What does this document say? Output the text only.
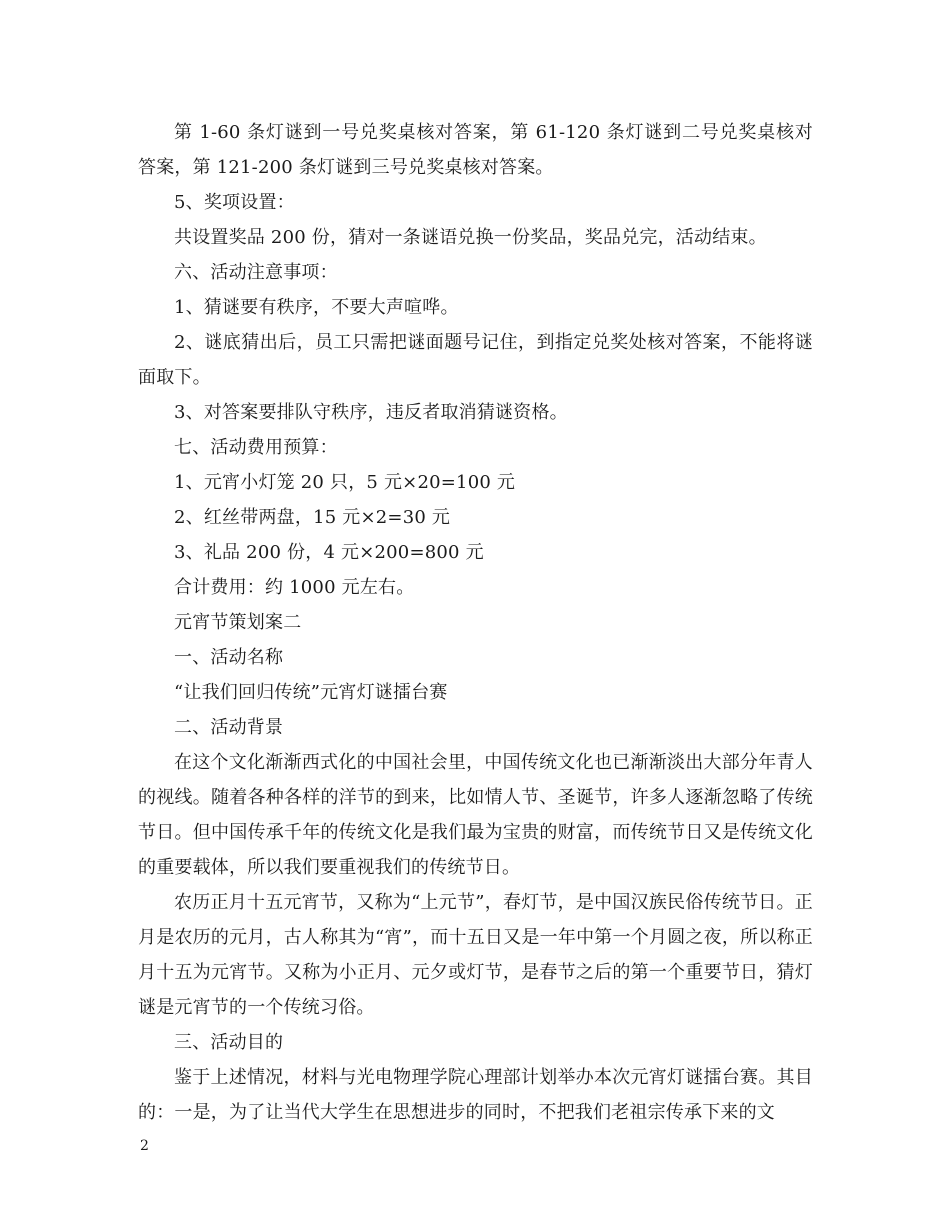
第 1-60 条灯谜到一号兑奖桌核对答案，第 61-120 条灯谜到二号兑奖桌核对答案，第 121-200 条灯谜到三号兑奖桌核对答案。

5、奖项设置：

共设置奖品 200 份，猜对一条谜语兑换一份奖品，奖品兑完，活动结束。

六、活动注意事项：

1、猜谜要有秩序，不要大声喧哗。

2、谜底猜出后，员工只需把谜面题号记住，到指定兑奖处核对答案，不能将谜面取下。

3、对答案要排队守秩序，违反者取消猜谜资格。

七、活动费用预算：

1、元宵小灯笼 20 只，5 元×20=100 元

2、红丝带两盘，15 元×2=30 元

3、礼品 200 份，4 元×200=800 元

合计费用：约 1000 元左右。

元宵节策划案二

一、活动名称

“让我们回归传统”元宵灯谜擂台赛

二、活动背景

在这个文化渐渐西式化的中国社会里，中国传统文化也已渐渐淡出大部分年青人的视线。随着各种各样的洋节的到来，比如情人节、圣诞节，许多人逐渐忽略了传统节日。但中国传承千年的传统文化是我们最为宝贵的财富，而传统节日又是传统文化的重要载体，所以我们要重视我们的传统节日。

农历正月十五元宵节，又称为“上元节”，春灯节，是中国汉族民俗传统节日。正月是农历的元月，古人称其为“宵”，而十五日又是一年中第一个月圆之夜，所以称正月十五为元宵节。又称为小正月、元夕或灯节，是春节之后的第一个重要节日，猜灯谜是元宵节的一个传统习俗。

三、活动目的

鉴于上述情况，材料与光电物理学院心理部计划举办本次元宵灯谜擂台赛。其目的：一是，为了让当代大学生在思想进步的同时，不把我们老祖宗传承下来的文

2
